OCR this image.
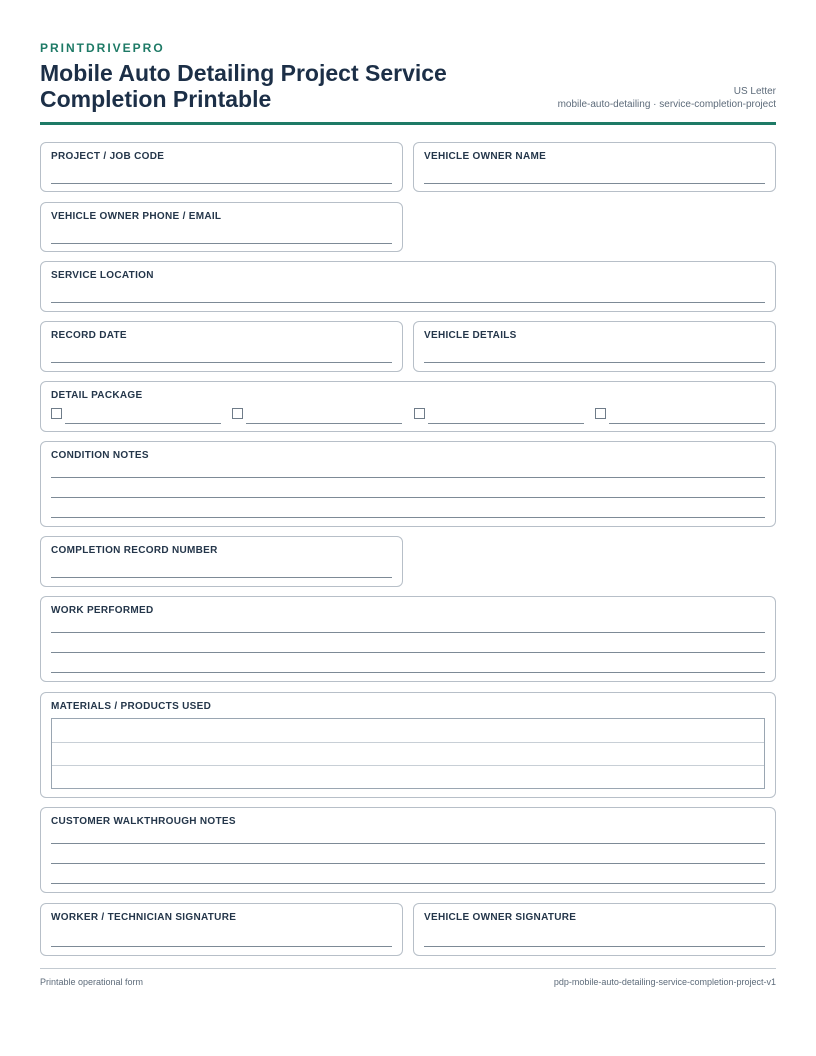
PRINTDRIVEPRO
Mobile Auto Detailing Project Service Completion Printable	US Letter
mobile-auto-detailing · service-completion-project
PROJECT / JOB CODE	VEHICLE OWNER NAME
VEHICLE OWNER PHONE / EMAIL
SERVICE LOCATION
RECORD DATE	VEHICLE DETAILS
DETAIL PACKAGE
CONDITION NOTES
COMPLETION RECORD NUMBER
WORK PERFORMED
MATERIALS / PRODUCTS USED
CUSTOMER WALKTHROUGH NOTES
WORKER / TECHNICIAN SIGNATURE	VEHICLE OWNER SIGNATURE
Printable operational form	pdp-mobile-auto-detailing-service-completion-project-v1
